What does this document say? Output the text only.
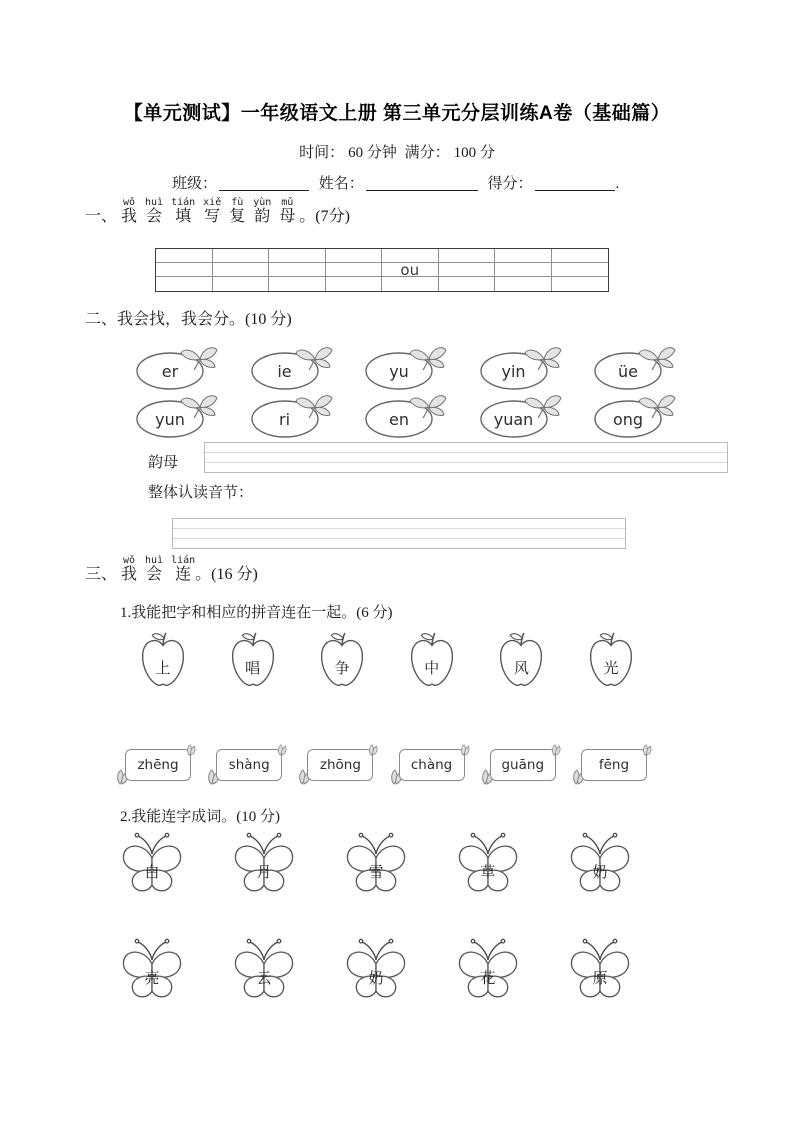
【单元测试】一年级语文上册 第三单元分层训练A卷（基础篇）
时间： 60 分钟 满分： 100 分
班级：	姓名：	得分：	.
一、 我wǒ会huì填tián写xiě复fù韵yùn母mǔ。(7分)
ou
二、我会找，我会分。(10 分)
er	ie	yu	yin	üe
yun	ri	en	yuan	ong
韵母
整体认读音节：
三、 我wǒ会huì连lián。(16 分)
1.我能把字和相应的拼音连在一起。(6 分)
上	唱	争	中	风	光
zhēng	shàng	zhōng	chàng	guāng	fēng
2.我能连字成词。(10 分)
白	月	雪	草	奶
亮	云	奶	花	原
